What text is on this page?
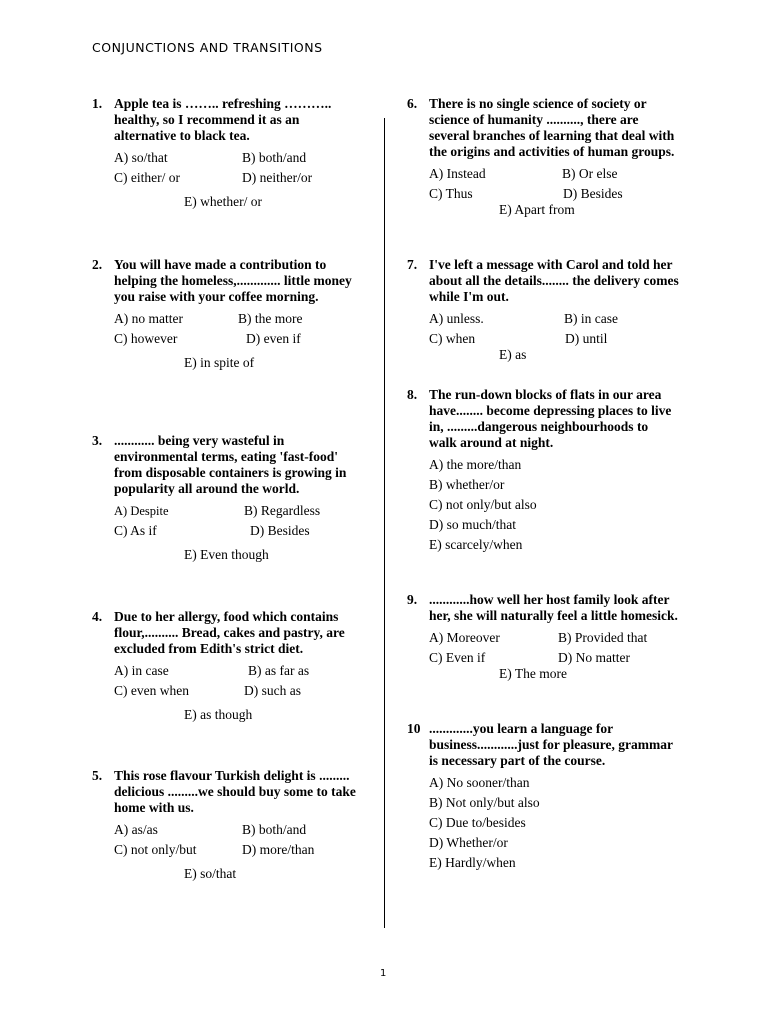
CONJUNCTIONS AND TRANSITIONS
1. Apple tea is …….. refreshing ……….. healthy, so I recommend it as an alternative to black tea.
A) so/that	B) both/and
C) either/ or	D) neither/or
E) whether/ or
2. You will have made a contribution to helping the homeless,............. little money you raise with your coffee morning.
A) no matter	B) the more
C) however	D) even if
E) in spite of
3. ............ being very wasteful in environmental terms, eating 'fast-food' from disposable containers is growing in popularity all around the world.
A) Despite	B) Regardless
C) As if	D) Besides
E) Even though
4. Due to her allergy, food which contains flour,.......... Bread, cakes and pastry, are excluded from Edith's strict diet.
A) in case	B) as far as
C) even when	D) such as
E) as though
5. This rose flavour Turkish delight is ......... delicious .........we should buy some to take home with us.
A) as/as	B) both/and
C) not only/but	D) more/than
E) so/that
6. There is no single science of society or science of humanity .........., there are several branches of learning that deal with the origins and activities of human groups.
A) Instead	B) Or else
C) Thus	D) Besides
E) Apart from
7. I've left a message with Carol and told her about all the details........ the delivery comes while I'm out.
A) unless.	B) in case
C) when	D) until
E) as
8. The run-down blocks of flats in our area have........ become depressing places to live in, .........dangerous neighbourhoods to walk around at night.
A) the more/than
B) whether/or
C) not only/but also
D) so much/that
E) scarcely/when
9. ............how well her host family look after her, she will naturally feel a little homesick.
A) Moreover	B) Provided that
C) Even if	D) No matter
E) The more
10 .............you learn a language for business............just for pleasure, grammar is necessary part of the course.
A) No sooner/than
B) Not only/but also
C) Due to/besides
D) Whether/or
E) Hardly/when
1
